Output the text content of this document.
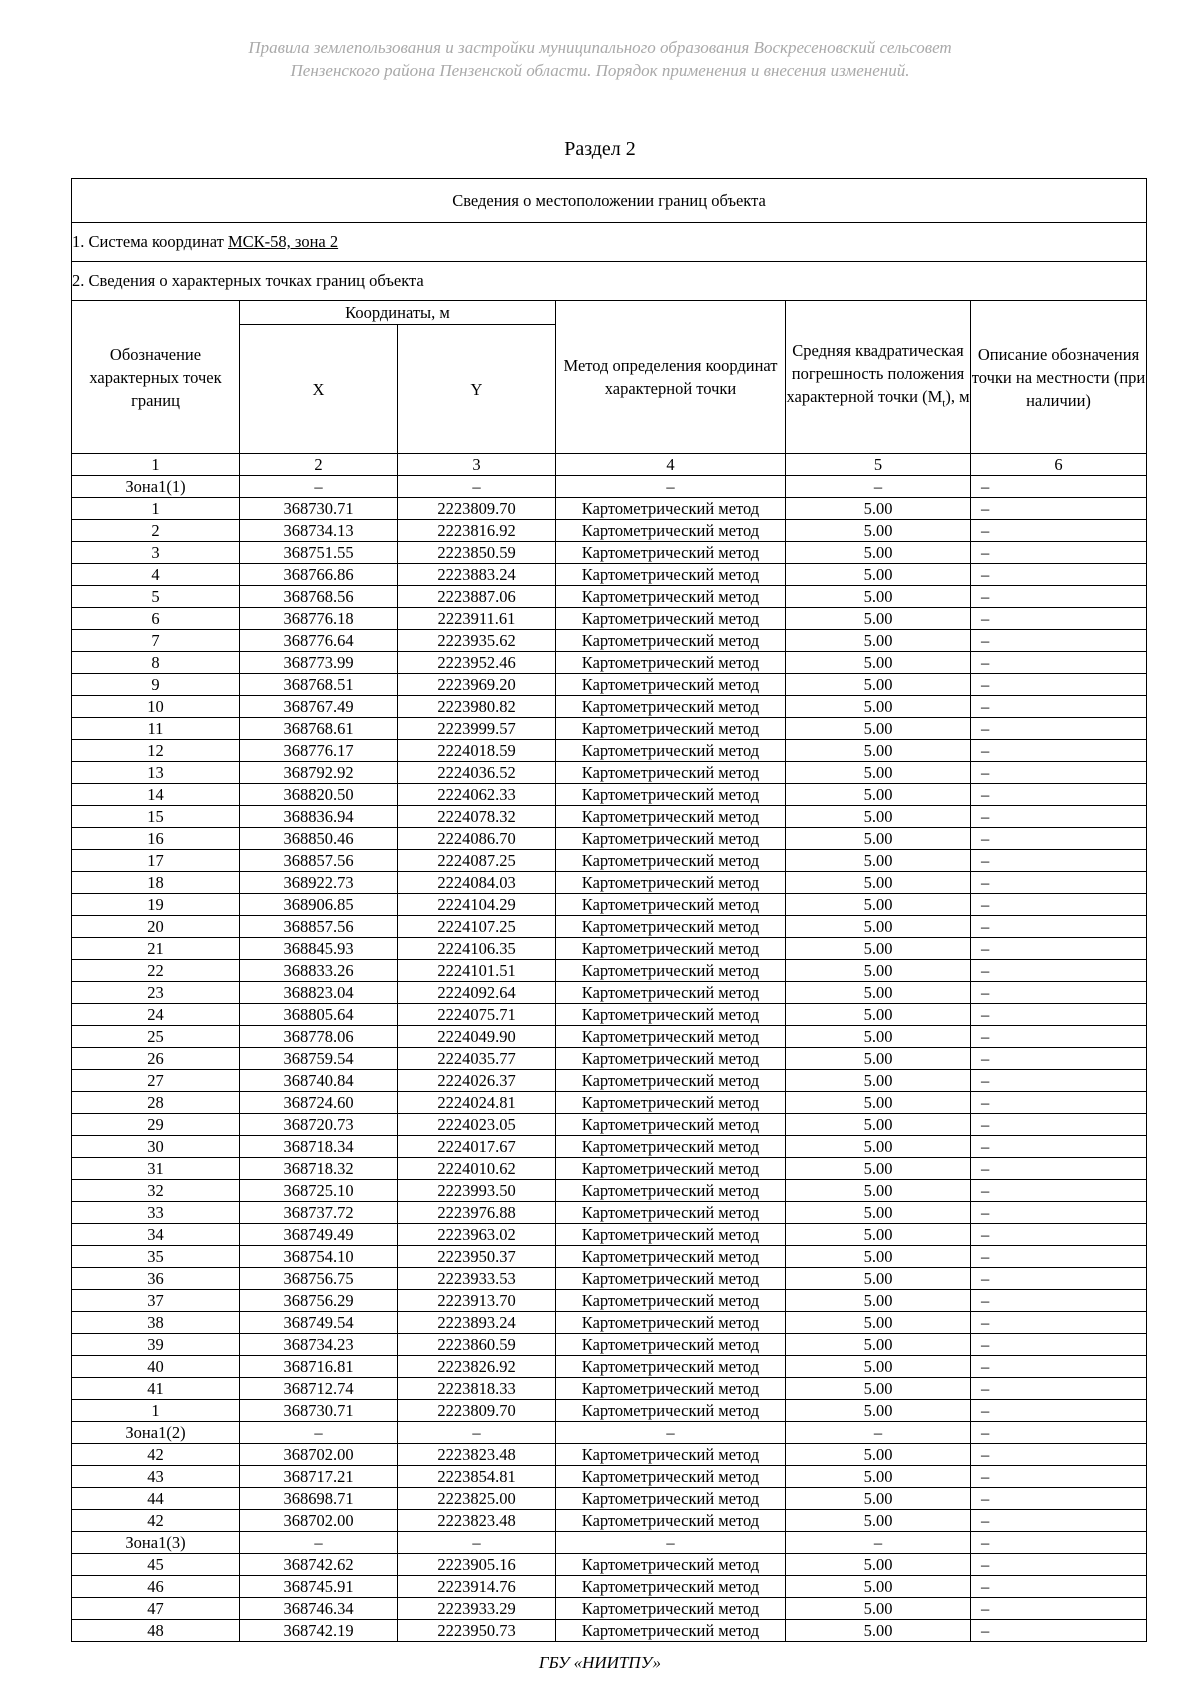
Правила землепользования и застройки муниципального образования Воскресеновский сельсовет
Пензенского района Пензенской области. Порядок применения и внесения изменений.
Раздел 2
Сведения о местоположении границ объекта					
1. Система координат МСК-58, зона 2					
2. Сведения о характерных точках границ объекта					
Обозначение характерных точек границ	Координаты, м		Метод определения координат характерной точки	Средняя квадратическая погрешность положения характерной точки $(M_t)$, м	Описание обозначения точки на местности (при наличии)
	X	Y			
1	2	3	4	5	6
Зона1(1)	–	–	–	–	–
1	368730.71	2223809.70	Картометрический метод	5.00	–
2	368734.13	2223816.92	Картометрический метод	5.00	–
3	368751.55	2223850.59	Картометрический метод	5.00	–
4	368766.86	2223883.24	Картометрический метод	5.00	–
5	368768.56	2223887.06	Картометрический метод	5.00	–
6	368776.18	2223911.61	Картометрический метод	5.00	–
7	368776.64	2223935.62	Картометрический метод	5.00	–
8	368773.99	2223952.46	Картометрический метод	5.00	–
9	368768.51	2223969.20	Картометрический метод	5.00	–
10	368767.49	2223980.82	Картометрический метод	5.00	–
11	368768.61	2223999.57	Картометрический метод	5.00	–
12	368776.17	2224018.59	Картометрический метод	5.00	–
13	368792.92	2224036.52	Картометрический метод	5.00	–
14	368820.50	2224062.33	Картометрический метод	5.00	–
15	368836.94	2224078.32	Картометрический метод	5.00	–
16	368850.46	2224086.70	Картометрический метод	5.00	–
17	368857.56	2224087.25	Картометрический метод	5.00	–
18	368922.73	2224084.03	Картометрический метод	5.00	–
19	368906.85	2224104.29	Картометрический метод	5.00	–
20	368857.56	2224107.25	Картометрический метод	5.00	–
21	368845.93	2224106.35	Картометрический метод	5.00	–
22	368833.26	2224101.51	Картометрический метод	5.00	–
23	368823.04	2224092.64	Картометрический метод	5.00	–
24	368805.64	2224075.71	Картометрический метод	5.00	–
25	368778.06	2224049.90	Картометрический метод	5.00	–
26	368759.54	2224035.77	Картометрический метод	5.00	–
27	368740.84	2224026.37	Картометрический метод	5.00	–
28	368724.60	2224024.81	Картометрический метод	5.00	–
29	368720.73	2224023.05	Картометрический метод	5.00	–
30	368718.34	2224017.67	Картометрический метод	5.00	–
31	368718.32	2224010.62	Картометрический метод	5.00	–
32	368725.10	2223993.50	Картометрический метод	5.00	–
33	368737.72	2223976.88	Картометрический метод	5.00	–
34	368749.49	2223963.02	Картометрический метод	5.00	–
35	368754.10	2223950.37	Картометрический метод	5.00	–
36	368756.75	2223933.53	Картометрический метод	5.00	–
37	368756.29	2223913.70	Картометрический метод	5.00	–
38	368749.54	2223893.24	Картометрический метод	5.00	–
39	368734.23	2223860.59	Картометрический метод	5.00	–
40	368716.81	2223826.92	Картометрический метод	5.00	–
41	368712.74	2223818.33	Картометрический метод	5.00	–
1	368730.71	2223809.70	Картометрический метод	5.00	–
Зона1(2)	–	–	–	–	–
42	368702.00	2223823.48	Картометрический метод	5.00	–
43	368717.21	2223854.81	Картометрический метод	5.00	–
44	368698.71	2223825.00	Картометрический метод	5.00	–
42	368702.00	2223823.48	Картометрический метод	5.00	–
Зона1(3)	–	–	–	–	–
45	368742.62	2223905.16	Картометрический метод	5.00	–
46	368745.91	2223914.76	Картометрический метод	5.00	–
47	368746.34	2223933.29	Картометрический метод	5.00	–
48	368742.19	2223950.73	Картометрический метод	5.00	–
ГБУ «НИИТПУ»
